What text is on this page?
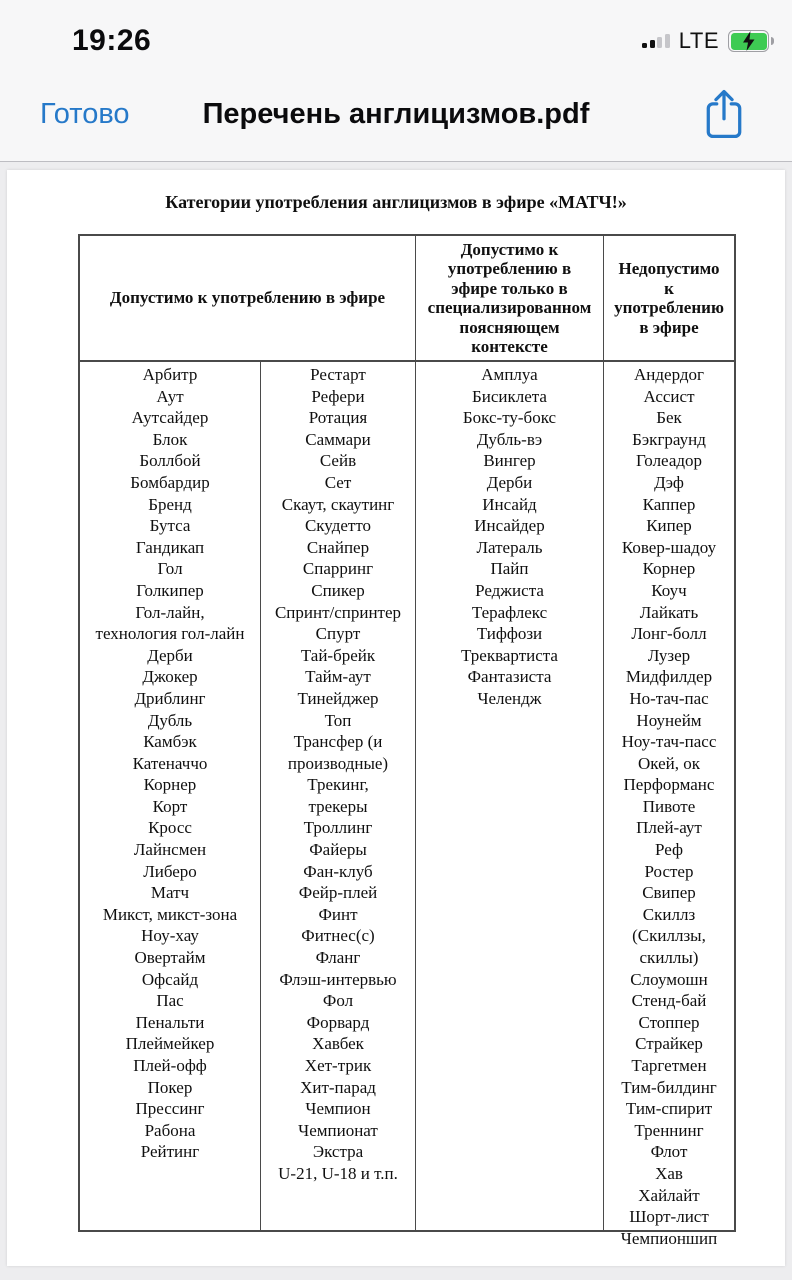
19:26	LTE
Готово	Перечень англицизмов.pdf
Категории употребления англицизмов в эфире «МАТЧ!»
Допустимо к употреблению в эфире
Допустимо к
употреблению в
эфире только в
специализированном
поясняющем
контексте
Недопустимо
к
употреблению
в эфире
Арбитр
Аут
Аутсайдер
Блок
Боллбой
Бомбардир
Бренд
Бутса
Гандикап
Гол
Голкипер
Гол-лайн,
технология гол-лайн
Дерби
Джокер
Дриблинг
Дубль
Камбэк
Катеначчо
Корнер
Корт
Кросс
Лайнсмен
Либеро
Матч
Микст, микст-зона
Ноу-хау
Овертайм
Офсайд
Пас
Пенальти
Плеймейкер
Плей-офф
Покер
Прессинг
Рабона
Рейтинг
Рестарт
Рефери
Ротация
Саммари
Сейв
Сет
Скаут, скаутинг
Скудетто
Снайпер
Спарринг
Спикер
Спринт/спринтер
Спурт
Тай-брейк
Тайм-аут
Тинейджер
Топ
Трансфер (и
производные)
Трекинг,
трекеры
Троллинг
Файеры
Фан-клуб
Фейр-плей
Финт
Фитнес(с)
Фланг
Флэш-интервью
Фол
Форвард
Хавбек
Хет-трик
Хит-парад
Чемпион
Чемпионат
Экстра
U-21, U-18 и т.п.
Амплуа
Бисиклета
Бокс-ту-бокс
Дубль-вэ
Вингер
Дерби
Инсайд
Инсайдер
Латераль
Пайп
Реджиста
Терафлекс
Тиффози
Треквартиста
Фантазиста
Челендж
Андердог
Ассист
Бек
Бэкграунд
Голеадор
Дэф
Каппер
Кипер
Ковер-шадоу
Корнер
Коуч
Лайкать
Лонг-болл
Лузер
Мидфилдер
Но-тач-пас
Ноунейм
Ноу-тач-пасс
Окей, ок
Перформанс
Пивоте
Плей-аут
Реф
Ростер
Свипер
Скиллз
(Скиллзы,
скиллы)
Слоумошн
Стенд-бай
Стоппер
Страйкер
Таргетмен
Тим-билдинг
Тим-спирит
Треннинг
Флот
Хав
Хайлайт
Шорт-лист
Чемпионшип
